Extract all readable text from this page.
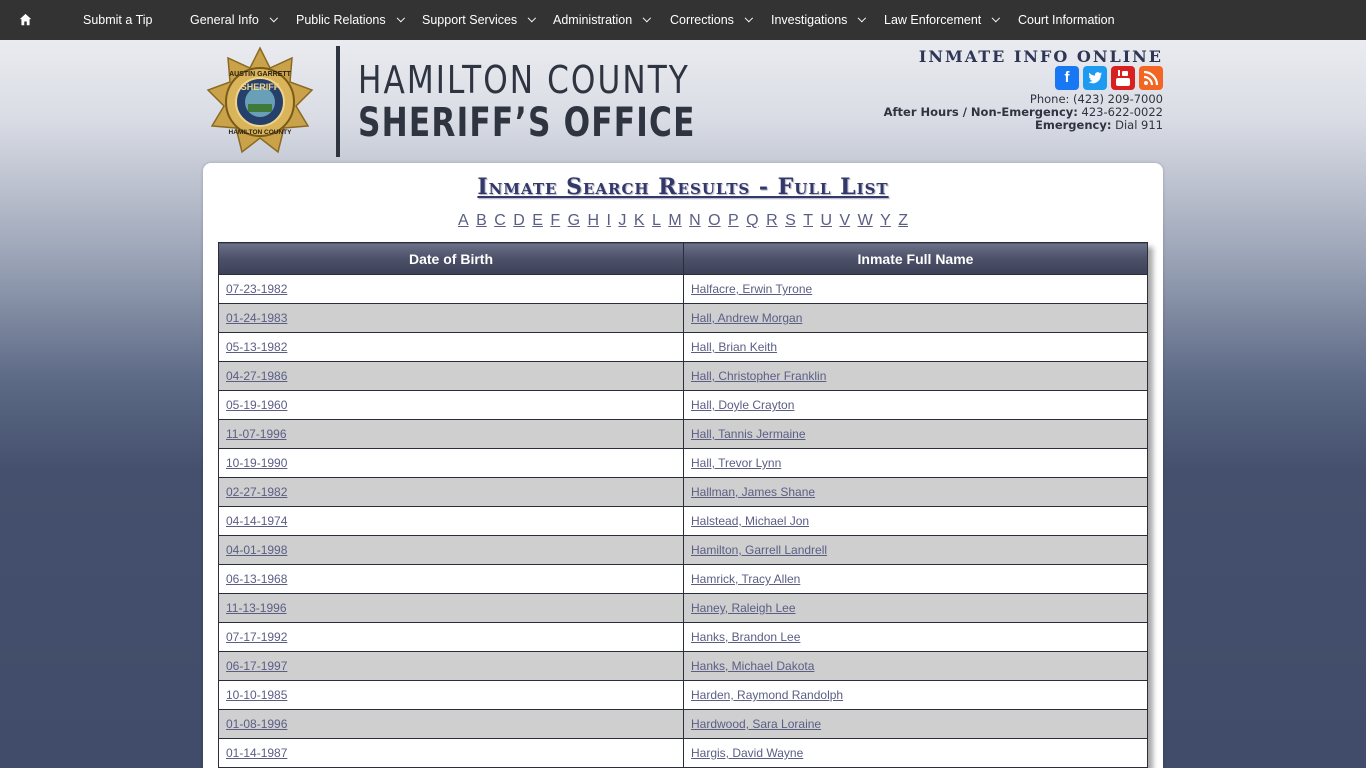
Submit a Tip	General Info	Public Relations	Support Services	Administration	Corrections	Investigations	Law Enforcement	Court Information
AUSTIN GARRETT
SHERIFF
HAMILTON COUNTY
HAMILTON COUNTY
SHERIFF’S OFFICE
INMATE INFO ONLINE
f
Phone: (423) 209-7000
After Hours / Non-Emergency: 423-622-0022
Emergency: Dial 911
Inmate Search Results - Full List
A B C D E F G H I J K L M N O P Q R S T U V W Y Z
Date of Birth	Inmate Full Name
07-23-1982	Halfacre, Erwin Tyrone
01-24-1983	Hall, Andrew Morgan
05-13-1982	Hall, Brian Keith
04-27-1986	Hall, Christopher Franklin
05-19-1960	Hall, Doyle Crayton
11-07-1996	Hall, Tannis Jermaine
10-19-1990	Hall, Trevor Lynn
02-27-1982	Hallman, James Shane
04-14-1974	Halstead, Michael Jon
04-01-1998	Hamilton, Garrell Landrell
06-13-1968	Hamrick, Tracy Allen
11-13-1996	Haney, Raleigh Lee
07-17-1992	Hanks, Brandon Lee
06-17-1997	Hanks, Michael Dakota
10-10-1985	Harden, Raymond Randolph
01-08-1996	Hardwood, Sara Loraine
01-14-1987	Hargis, David Wayne
